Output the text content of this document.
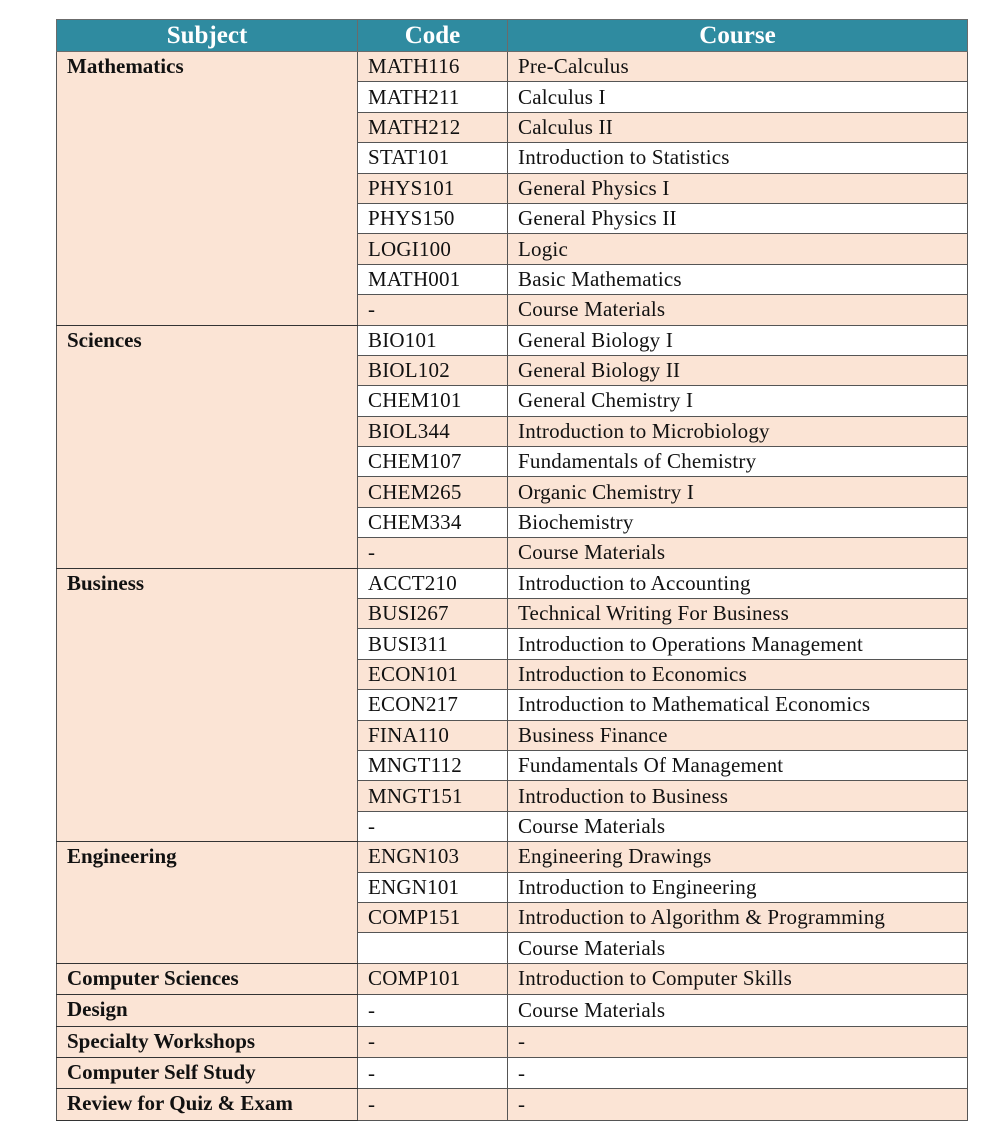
Subject	Code	Course
Mathematics	MATH116	Pre-Calculus
	MATH211	Calculus I
	MATH212	Calculus II
	STAT101	Introduction to Statistics
	PHYS101	General Physics I
	PHYS150	General Physics II
	LOGI100	Logic
	MATH001	Basic Mathematics
	-	Course Materials
Sciences	BIO101	General Biology I
	BIOL102	General Biology II
	CHEM101	General Chemistry I
	BIOL344	Introduction to Microbiology
	CHEM107	Fundamentals of Chemistry
	CHEM265	Organic Chemistry I
	CHEM334	Biochemistry
	-	Course Materials
Business	ACCT210	Introduction to Accounting
	BUSI267	Technical Writing For Business
	BUSI311	Introduction to Operations Management
	ECON101	Introduction to Economics
	ECON217	Introduction to Mathematical Economics
	FINA110	Business Finance
	MNGT112	Fundamentals Of Management
	MNGT151	Introduction to Business
	-	Course Materials
Engineering	ENGN103	Engineering Drawings
	ENGN101	Introduction to Engineering
	COMP151	Introduction to Algorithm & Programming
		Course Materials
Computer Sciences	COMP101	Introduction to Computer Skills
Design	-	Course Materials
Specialty Workshops	-	-
Computer Self Study	-	-
Review for Quiz & Exam	-	-
